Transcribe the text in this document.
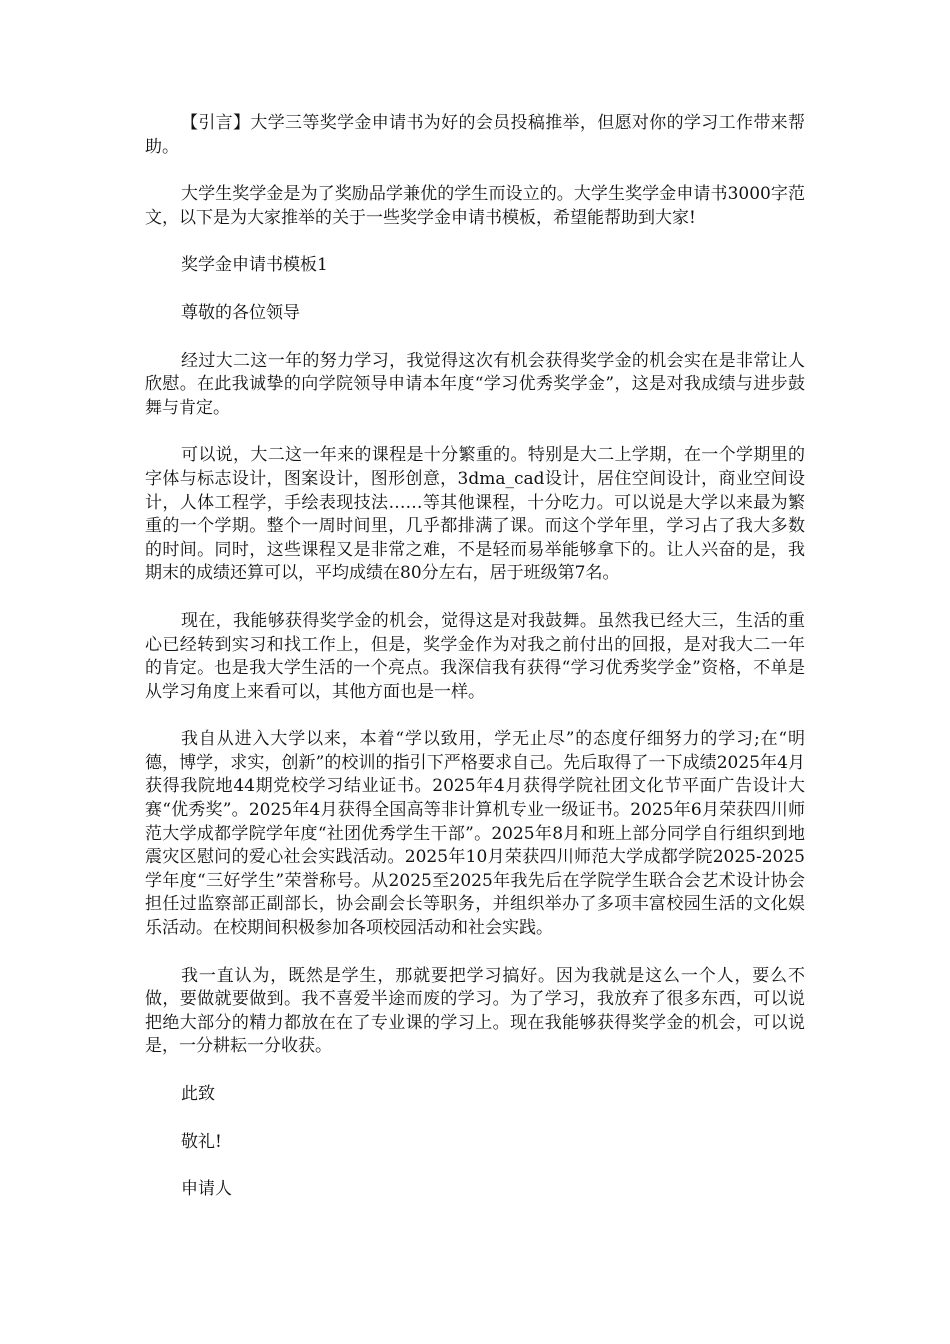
【引言】大学三等奖学金申请书为好的会员投稿推举，但愿对你的学习工作带来帮助。

大学生奖学金是为了奖励品学兼优的学生而设立的。大学生奖学金申请书3000字范文，以下是为大家推举的关于一些奖学金申请书模板，希望能帮助到大家!

奖学金申请书模板1

尊敬的各位领导

经过大二这一年的努力学习，我觉得这次有机会获得奖学金的机会实在是非常让人欣慰。在此我诚挚的向学院领导申请本年度“学习优秀奖学金”，这是对我成绩与进步鼓舞与肯定。

可以说，大二这一年来的课程是十分繁重的。特别是大二上学期，在一个学期里的字体与标志设计，图案设计，图形创意，3dma_cad设计，居住空间设计，商业空间设计，人体工程学，手绘表现技法……等其他课程，十分吃力。可以说是大学以来最为繁重的一个学期。整个一周时间里，几乎都排满了课。而这个学年里，学习占了我大多数的时间。同时，这些课程又是非常之难，不是轻而易举能够拿下的。让人兴奋的是，我期末的成绩还算可以，平均成绩在80分左右，居于班级第7名。

现在，我能够获得奖学金的机会，觉得这是对我鼓舞。虽然我已经大三，生活的重心已经转到实习和找工作上，但是，奖学金作为对我之前付出的回报，是对我大二一年的肯定。也是我大学生活的一个亮点。我深信我有获得“学习优秀奖学金”资格，不单是从学习角度上来看可以，其他方面也是一样。

我自从进入大学以来，本着“学以致用，学无止尽”的态度仔细努力的学习;在“明德，博学，求实，创新”的校训的指引下严格要求自己。先后取得了一下成绩2025年4月获得我院地44期党校学习结业证书。2025年4月获得学院社团文化节平面广告设计大赛“优秀奖”。2025年4月获得全国高等非计算机专业一级证书。2025年6月荣获四川师范大学成都学院学年度“社团优秀学生干部”。2025年8月和班上部分同学自行组织到地震灾区慰问的爱心社会实践活动。2025年10月荣获四川师范大学成都学院2025-2025学年度“三好学生”荣誉称号。从2025至2025年我先后在学院学生联合会艺术设计协会担任过监察部正副部长，协会副会长等职务，并组织举办了多项丰富校园生活的文化娱乐活动。在校期间积极参加各项校园活动和社会实践。

我一直认为，既然是学生，那就要把学习搞好。因为我就是这么一个人，要么不做，要做就要做到。我不喜爱半途而废的学习。为了学习，我放弃了很多东西，可以说把绝大部分的精力都放在在了专业课的学习上。现在我能够获得奖学金的机会，可以说是，一分耕耘一分收获。

此致

敬礼!

申请人
